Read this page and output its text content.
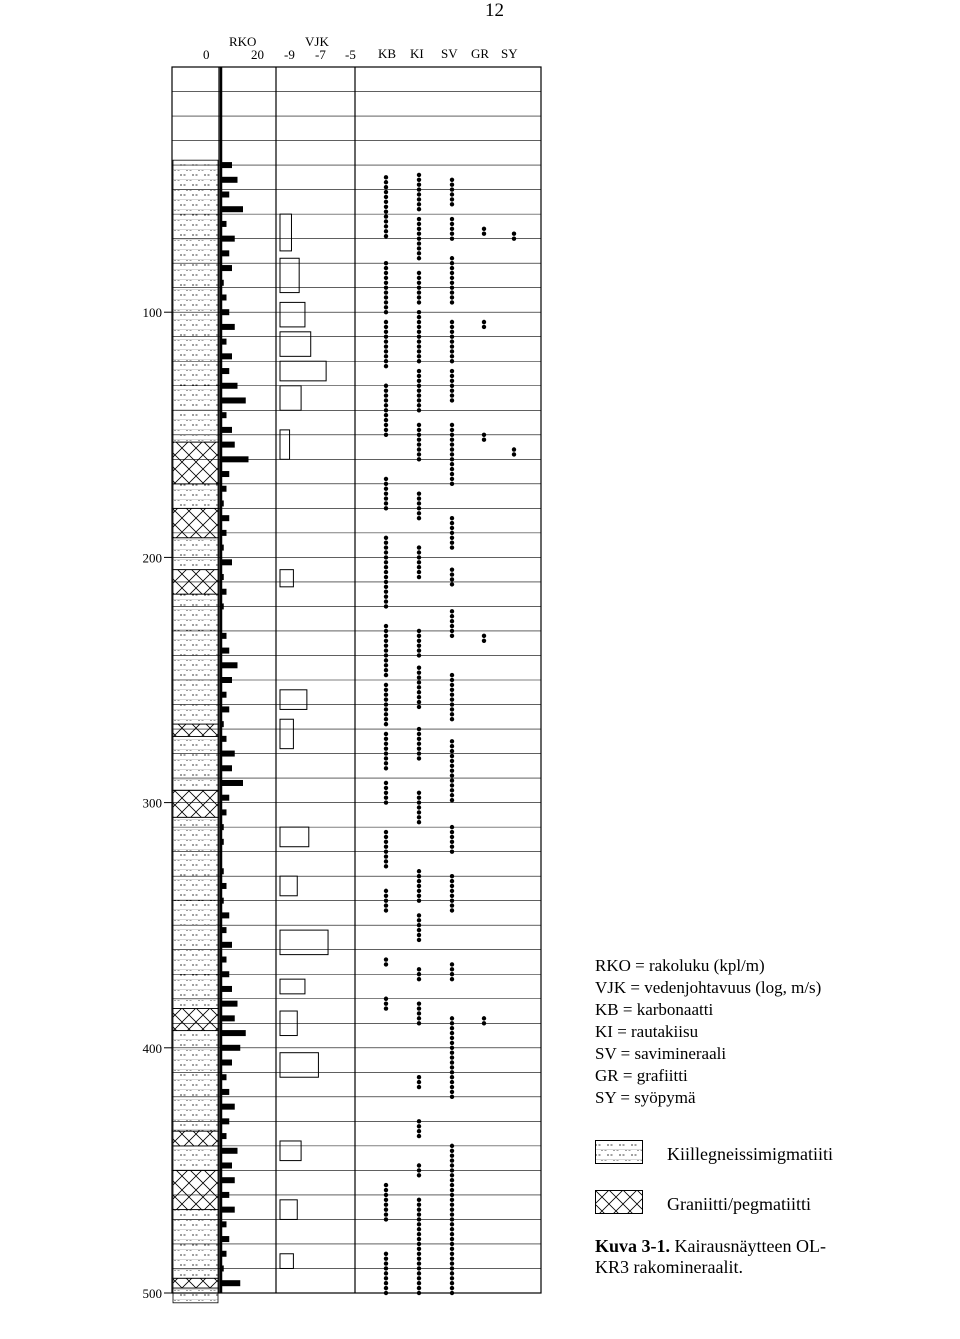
12
RKO
0	20
VJK
-9 -7 -5 KB KI SV GR SY
100
200
300
400
500
RKO = rakoluku (kpl/m)
VJK = vedenjohtavuus (log, m/s)
KB = karbonaatti
KI = rautakiisu
SV = savimineraali
GR = grafiitti
SY = syöpymä
Kiillegneissimigmatiiti
Graniitti/pegmatiitti
Kuva 3-1. Kairausnäytteen OL-KR3 rakomineraalit.
